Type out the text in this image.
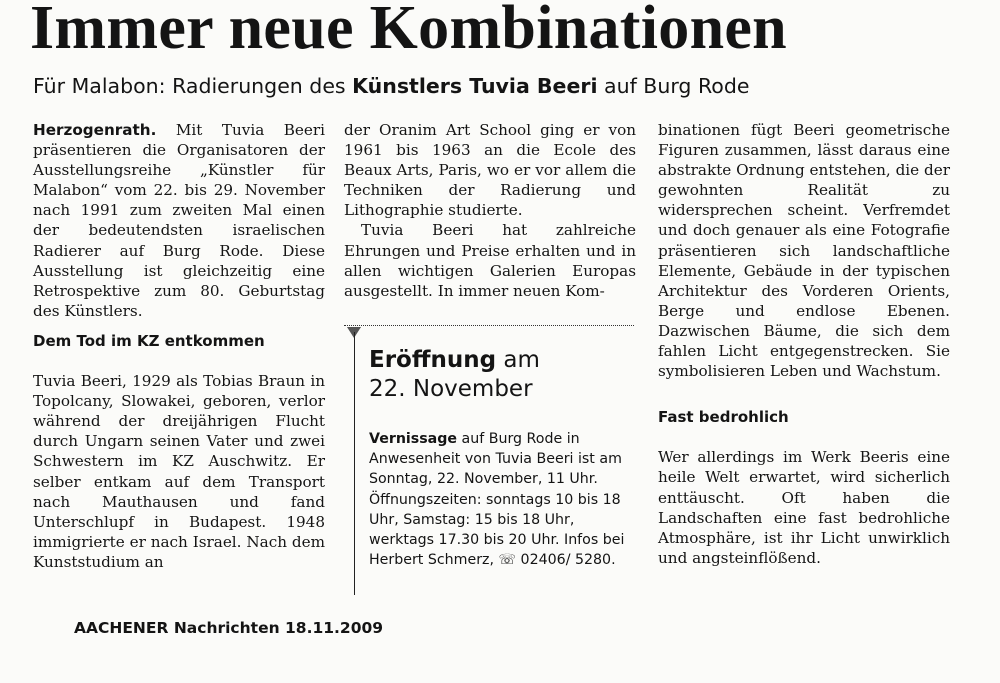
Immer neue Kombinationen
Für Malabon: Radierungen des Künstlers Tuvia Beeri auf Burg Rode

Herzogenrath. Mit Tuvia Beeri präsentieren die Organisatoren der Ausstellungsreihe „Künstler für Malabon“ vom 22. bis 29. November nach 1991 zum zweiten Mal einen der bedeutendsten israelischen Radierer auf Burg Rode. Diese Ausstellung ist gleichzeitig eine Retrospektive zum 80. Geburtstag des Künstlers.

Dem Tod im KZ entkommen

Tuvia Beeri, 1929 als Tobias Braun in Topolcany, Slowakei, geboren, verlor während der dreijährigen Flucht durch Ungarn seinen Vater und zwei Schwestern im KZ Auschwitz. Er selber entkam auf dem Transport nach Mauthausen und fand Unterschlupf in Budapest. 1948 immigrierte er nach Israel. Nach dem Kunststudium an

der Oranim Art School ging er von 1961 bis 1963 an die Ecole des Beaux Arts, Paris, wo er vor allem die Techniken der Radierung und Lithographie studierte.

Tuvia Beeri hat zahlreiche Ehrungen und Preise erhalten und in allen wichtigen Galerien Europas ausgestellt. In immer neuen Kom-

Eröffnung am
22. November
Vernissage auf Burg Rode in Anwesenheit von Tuvia Beeri ist am Sonntag, 22. November, 11 Uhr. Öffnungszeiten: sonntags 10 bis 18 Uhr, Samstag: 15 bis 18 Uhr, werktags 17.30 bis 20 Uhr. Infos bei Herbert Schmerz, ☏ 02406/ 5280.

binationen fügt Beeri geometrische Figuren zusammen, lässt daraus eine abstrakte Ordnung entstehen, die der gewohnten Realität zu widersprechen scheint. Verfremdet und doch genauer als eine Fotografie präsentieren sich landschaftliche Elemente, Gebäude in der typischen Architektur des Vorderen Orients, Berge und endlose Ebenen. Dazwischen Bäume, die sich dem fahlen Licht entgegenstrecken. Sie symbolisieren Leben und Wachstum.

Fast bedrohlich

Wer allerdings im Werk Beeris eine heile Welt erwartet, wird sicherlich enttäuscht. Oft haben die Landschaften eine fast bedrohliche Atmosphäre, ist ihr Licht unwirklich und angsteinflößend.

AACHENER Nachrichten 18.11.2009
